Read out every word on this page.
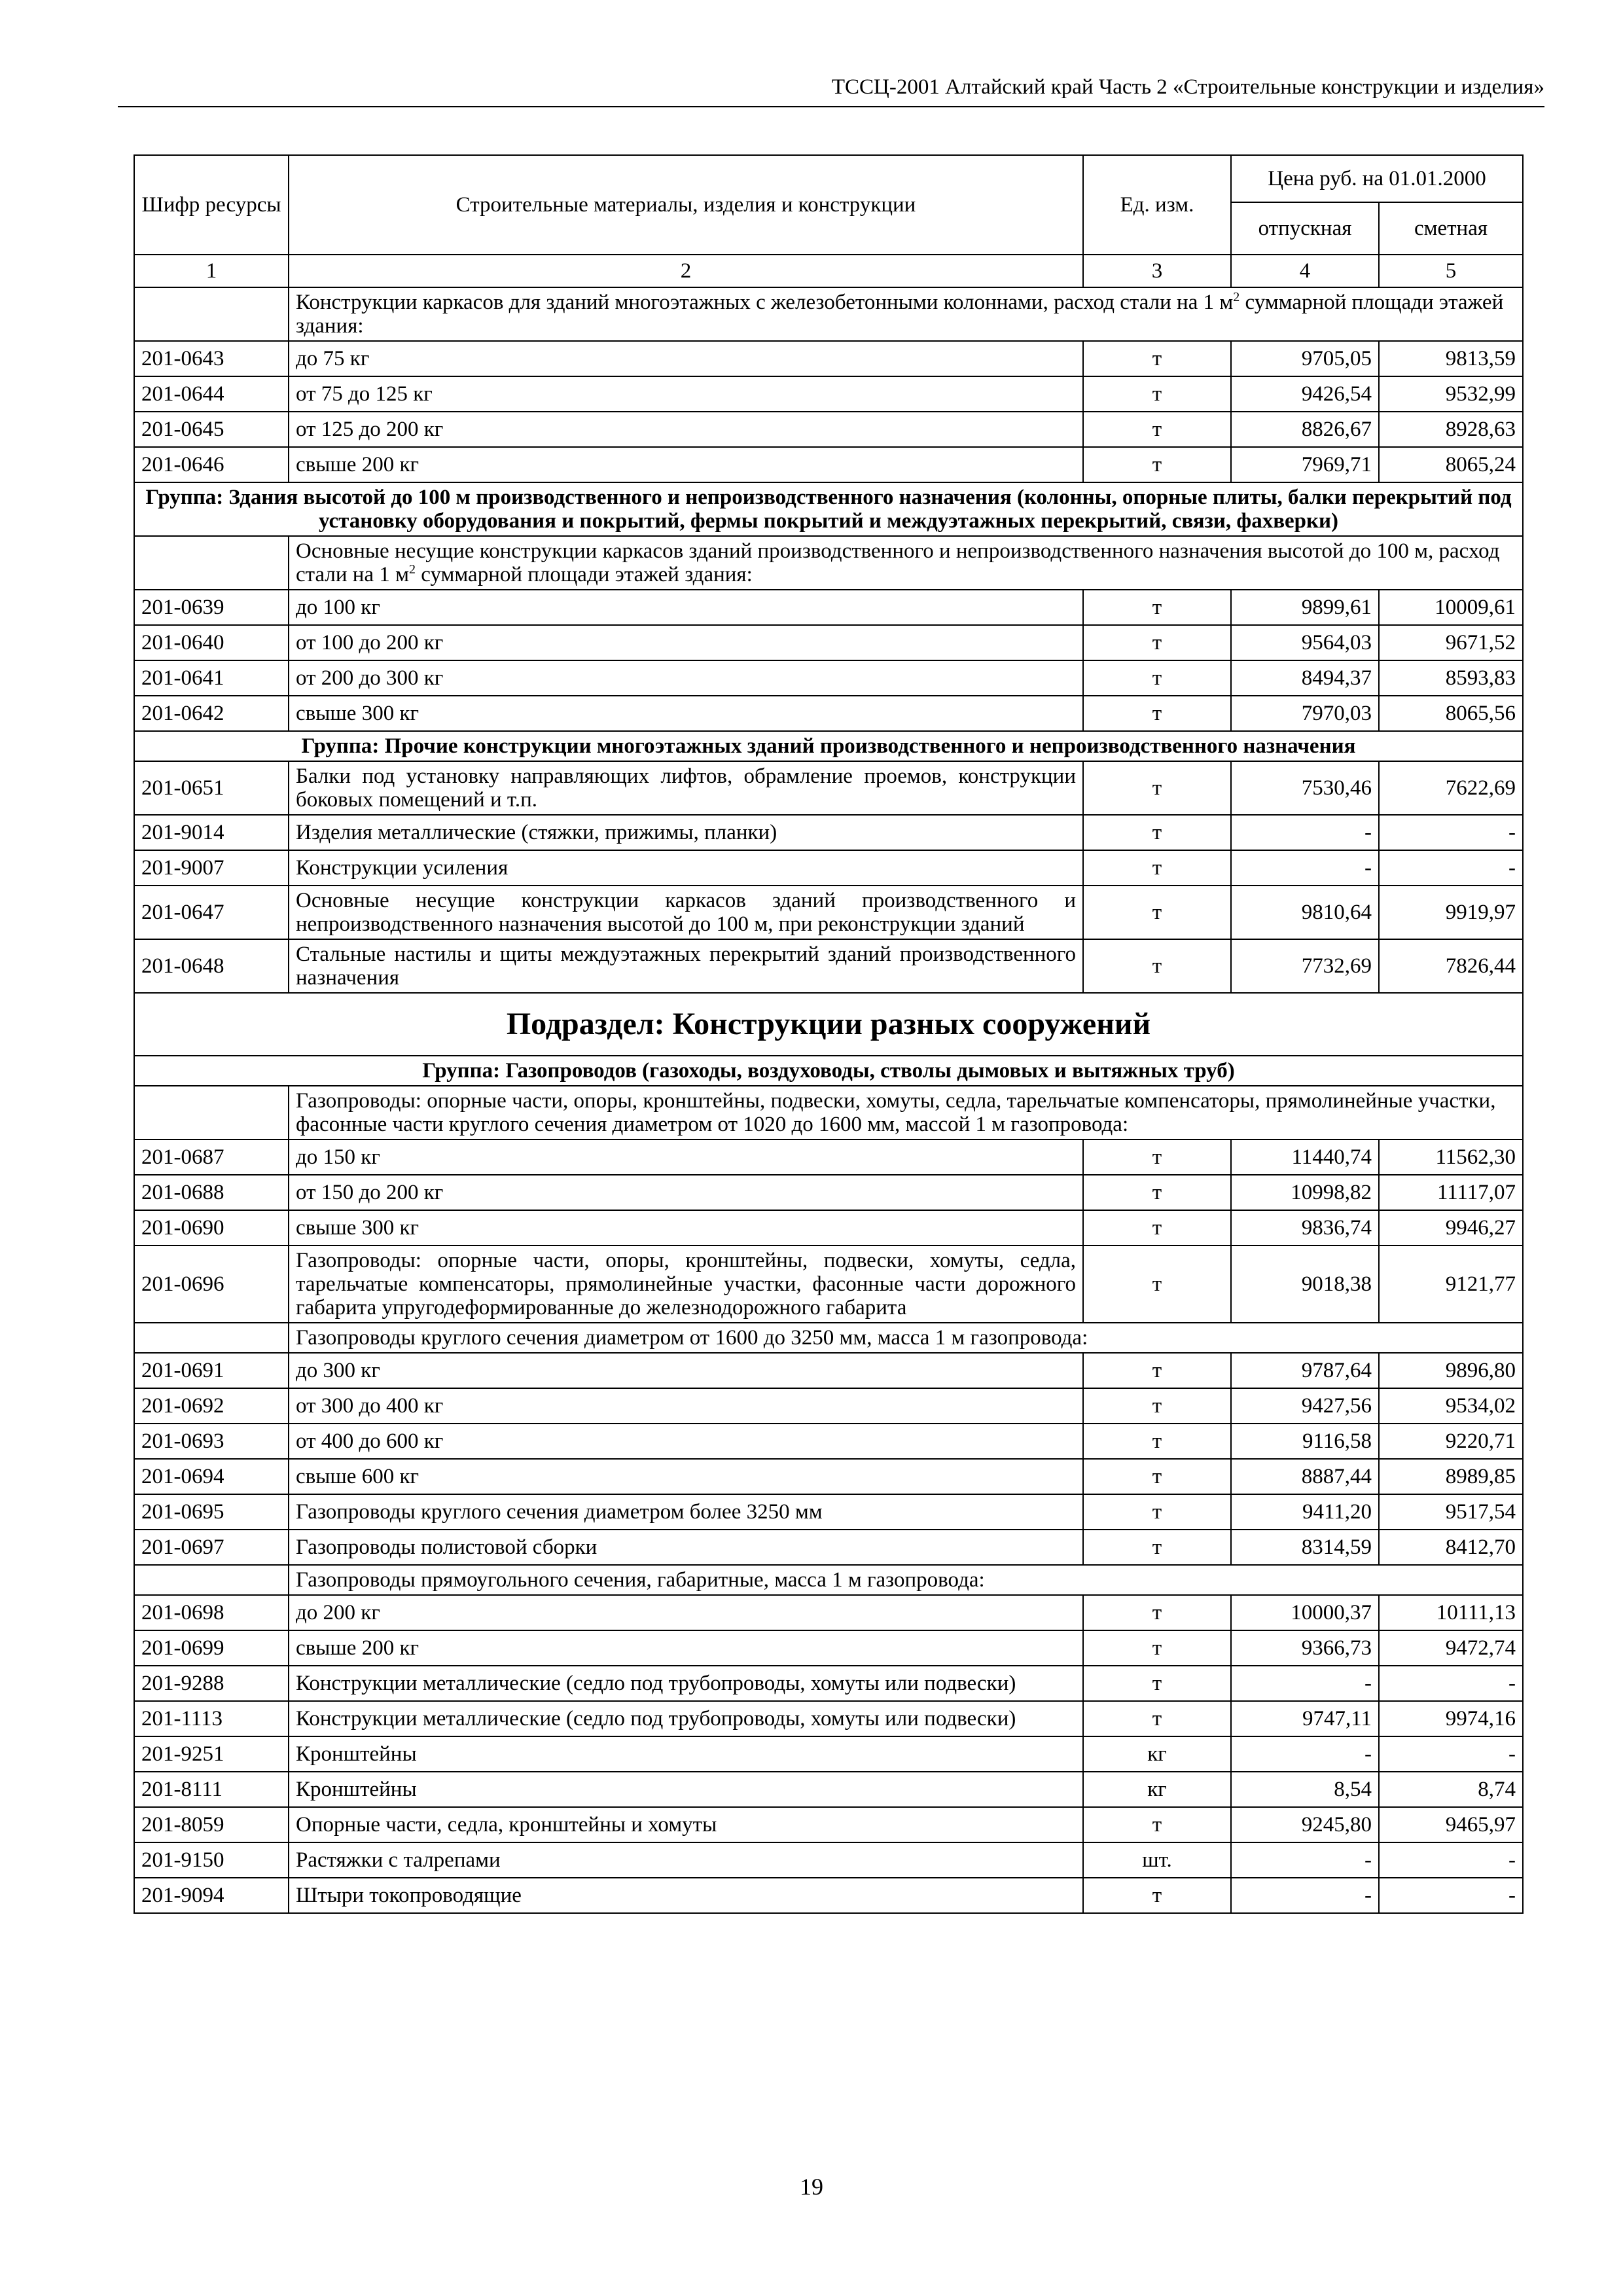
ТССЦ-2001 Алтайский край Часть 2 «Строительные конструкции и изделия»
Шифр ресурсы	Строительные материалы, изделия и конструкции	Ед. изм.	Цена руб. на 01.01.2000	
			отпускная	сметная
1	2	3	4	5
	Конструкции каркасов для зданий многоэтажных с железобетонными колоннами, расход стали на 1 $м^2$ суммарной площади этажей здания:			
201-0643	до 75 кг	т	9705,05	9813,59
201-0644	от 75 до 125 кг	т	9426,54	9532,99
201-0645	от 125 до 200 кг	т	8826,67	8928,63
201-0646	свыше 200 кг	т	7969,71	8065,24
Группа: Здания высотой до 100 м производственного и непроизводственного назначения (колонны, опорные плиты, балки перекрытий под установку оборудования и покрытий, фермы покрытий и междуэтажных перекрытий, связи, фахверки)				
	Основные несущие конструкции каркасов зданий производственного и непроизводственного назначения высотой до 100 м, расход стали на 1 $м^2$ суммарной площади этажей здания:			
201-0639	до 100 кг	т	9899,61	10009,61
201-0640	от 100 до 200 кг	т	9564,03	9671,52
201-0641	от 200 до 300 кг	т	8494,37	8593,83
201-0642	свыше 300 кг	т	7970,03	8065,56
Группа: Прочие конструкции многоэтажных зданий производственного и непроизводственного назначения				
201-0651	Балки под установку направляющих лифтов, обрамление проемов, конструкции боковых помещений и т.п.	т	7530,46	7622,69
201-9014	Изделия металлические (стяжки, прижимы, планки)	т	-	-
201-9007	Конструкции усиления	т	-	-
201-0647	Основные несущие конструкции каркасов зданий производственного и непроизводственного назначения высотой до 100 м, при реконструкции зданий	т	9810,64	9919,97
201-0648	Стальные настилы и щиты междуэтажных перекрытий зданий производственного назначения	т	7732,69	7826,44
Подраздел: Конструкции разных сооружений				
Группа: Газопроводов (газоходы, воздуховоды, стволы дымовых и вытяжных труб)				
	Газопроводы: опорные части, опоры, кронштейны, подвески, хомуты, седла, тарельчатые компенсаторы, прямолинейные участки, фасонные части круглого сечения диаметром от 1020 до 1600 мм, массой 1 м газопровода:			
201-0687	до 150 кг	т	11440,74	11562,30
201-0688	от 150 до 200 кг	т	10998,82	11117,07
201-0690	свыше 300 кг	т	9836,74	9946,27
201-0696	Газопроводы: опорные части, опоры, кронштейны, подвески, хомуты, седла, тарельчатые компенсаторы, прямолинейные участки, фасонные части дорожного габарита упругодеформированные до железнодорожного габарита	т	9018,38	9121,77
	Газопроводы круглого сечения диаметром от 1600 до 3250 мм, масса 1 м газопровода:			
201-0691	до 300 кг	т	9787,64	9896,80
201-0692	от 300 до 400 кг	т	9427,56	9534,02
201-0693	от 400 до 600 кг	т	9116,58	9220,71
201-0694	свыше 600 кг	т	8887,44	8989,85
201-0695	Газопроводы круглого сечения диаметром более 3250 мм	т	9411,20	9517,54
201-0697	Газопроводы полистовой сборки	т	8314,59	8412,70
	Газопроводы прямоугольного сечения, габаритные, масса 1 м газопровода:			
201-0698	до 200 кг	т	10000,37	10111,13
201-0699	свыше 200 кг	т	9366,73	9472,74
201-9288	Конструкции металлические (седло под трубопроводы, хомуты или подвески)	т	-	-
201-1113	Конструкции металлические (седло под трубопроводы, хомуты или подвески)	т	9747,11	9974,16
201-9251	Кронштейны	кг	-	-
201-8111	Кронштейны	кг	8,54	8,74
201-8059	Опорные части, седла, кронштейны и хомуты	т	9245,80	9465,97
201-9150	Растяжки с талрепами	шт.	-	-
201-9094	Штыри токопроводящие	т	-	-
19
